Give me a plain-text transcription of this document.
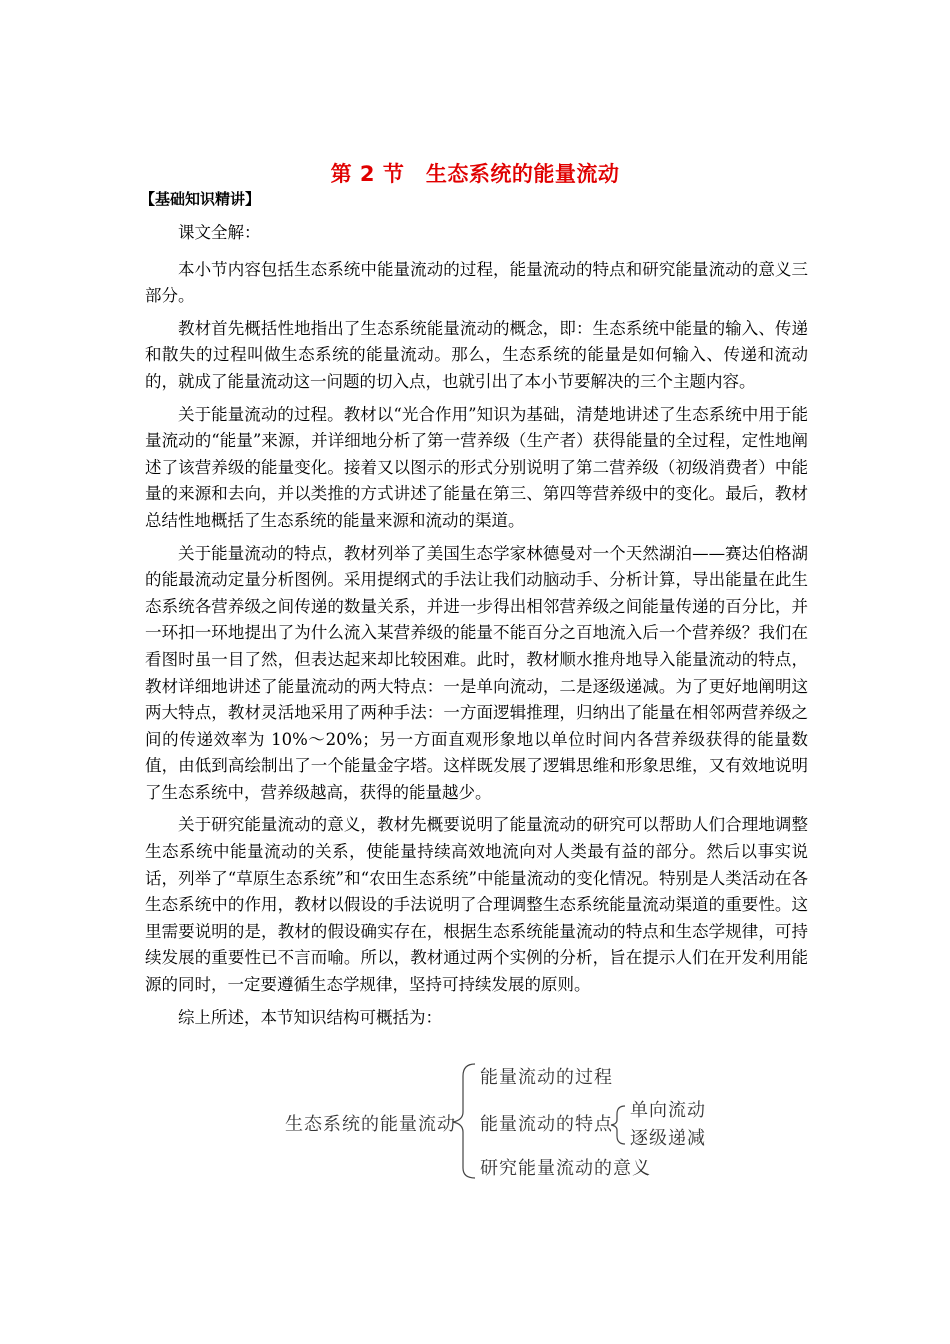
第 2 节　生态系统的能量流动
【基础知识精讲】

课文全解：

本小节内容包括生态系统中能量流动的过程，能量流动的特点和研究能量流动的意义三部分。

教材首先概括性地指出了生态系统能量流动的概念，即：生态系统中能量的输入、传递和散失的过程叫做生态系统的能量流动。那么，生态系统的能量是如何输入、传递和流动的，就成了能量流动这一问题的切入点，也就引出了本小节要解决的三个主题内容。

关于能量流动的过程。教材以“光合作用”知识为基础，清楚地讲述了生态系统中用于能量流动的“能量”来源，并详细地分析了第一营养级（生产者）获得能量的全过程，定性地阐述了该营养级的能量变化。接着又以图示的形式分别说明了第二营养级（初级消费者）中能量的来源和去向，并以类推的方式讲述了能量在第三、第四等营养级中的变化。最后，教材总结性地概括了生态系统的能量来源和流动的渠道。

关于能量流动的特点，教材列举了美国生态学家林德曼对一个天然湖泊——赛达伯格湖的能最流动定量分析图例。采用提纲式的手法让我们动脑动手、分析计算，导出能量在此生态系统各营养级之间传递的数量关系，并进一步得出相邻营养级之间能量传递的百分比，并一环扣一环地提出了为什么流入某营养级的能量不能百分之百地流入后一个营养级？我们在看图时虽一目了然，但表达起来却比较困难。此时，教材顺水推舟地导入能量流动的特点，教材详细地讲述了能量流动的两大特点：一是单向流动，二是逐级递减。为了更好地阐明这两大特点，教材灵活地采用了两种手法：一方面逻辑推理，归纳出了能量在相邻两营养级之间的传递效率为 10%～20%；另一方面直观形象地以单位时间内各营养级获得的能量数值，由低到高绘制出了一个能量金字塔。这样既发展了逻辑思维和形象思维，又有效地说明了生态系统中，营养级越高，获得的能量越少。

关于研究能量流动的意义，教材先概要说明了能量流动的研究可以帮助人们合理地调整生态系统中能量流动的关系，使能量持续高效地流向对人类最有益的部分。然后以事实说话，列举了“草原生态系统”和“农田生态系统”中能量流动的变化情况。特别是人类活动在各生态系统中的作用，教材以假设的手法说明了合理调整生态系统能量流动渠道的重要性。这里需要说明的是，教材的假设确实存在，根据生态系统能量流动的特点和生态学规律，可持续发展的重要性已不言而喻。所以，教材通过两个实例的分析，旨在提示人们在开发利用能源的同时，一定要遵循生态学规律，坚持可持续发展的原则。

综上所述，本节知识结构可概括为：

生态系统的能量流动
能量流动的过程
能量流动的特点
单向流动
逐级递减
研究能量流动的意义
